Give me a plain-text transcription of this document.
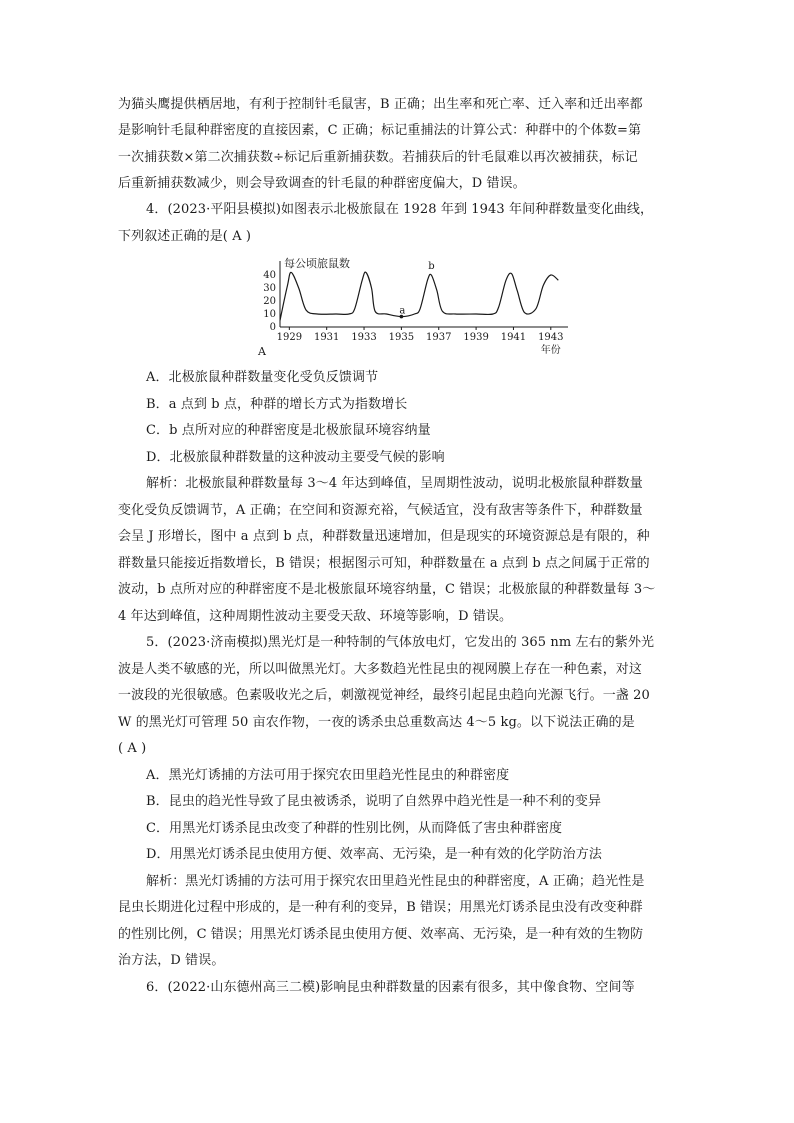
为猫头鹰提供栖居地，有利于控制针毛鼠害，B 正确；出生率和死亡率、迁入率和迁出率都
是影响针毛鼠种群密度的直接因素，C 正确；标记重捕法的计算公式：种群中的个体数=第
一次捕获数×第二次捕获数÷标记后重新捕获数。若捕获后的针毛鼠难以再次被捕获，标记
后重新捕获数减少，则会导致调查的针毛鼠的种群密度偏大，D 错误。
4．(2023·平阳县模拟)如图表示北极旅鼠在 1928 年到 1943 年间种群数量变化曲线，
下列叙述正确的是( A )
每公顷旅鼠数
40
30
20
10
0
1929 1931 1933 1935 1937 1939 1941 1943
年份
A
a
b
A．北极旅鼠种群数量变化受负反馈调节
B．a 点到 b 点，种群的增长方式为指数增长
C．b 点所对应的种群密度是北极旅鼠环境容纳量
D．北极旅鼠种群数量的这种波动主要受气候的影响
解析：北极旅鼠种群数量每 3～4 年达到峰值，呈周期性波动，说明北极旅鼠种群数量
变化受负反馈调节，A 正确；在空间和资源充裕，气候适宜，没有敌害等条件下，种群数量
会呈 J 形增长，图中 a 点到 b 点，种群数量迅速增加，但是现实的环境资源总是有限的，种
群数量只能接近指数增长，B 错误；根据图示可知，种群数量在 a 点到 b 点之间属于正常的
波动，b 点所对应的种群密度不是北极旅鼠环境容纳量，C 错误；北极旅鼠的种群数量每 3～
4 年达到峰值，这种周期性波动主要受天敌、环境等影响，D 错误。
5．(2023·济南模拟)黑光灯是一种特制的气体放电灯，它发出的 365 nm 左右的紫外光
波是人类不敏感的光，所以叫做黑光灯。大多数趋光性昆虫的视网膜上存在一种色素，对这
一波段的光很敏感。色素吸收光之后，刺激视觉神经，最终引起昆虫趋向光源飞行。一盏 20
W 的黑光灯可管理 50 亩农作物，一夜的诱杀虫总重数高达 4～5 kg。以下说法正确的是
( A )
A．黑光灯诱捕的方法可用于探究农田里趋光性昆虫的种群密度
B．昆虫的趋光性导致了昆虫被诱杀，说明了自然界中趋光性是一种不利的变异
C．用黑光灯诱杀昆虫改变了种群的性别比例，从而降低了害虫种群密度
D．用黑光灯诱杀昆虫使用方便、效率高、无污染，是一种有效的化学防治方法
解析：黑光灯诱捕的方法可用于探究农田里趋光性昆虫的种群密度，A 正确；趋光性是
昆虫长期进化过程中形成的，是一种有利的变异，B 错误；用黑光灯诱杀昆虫没有改变种群
的性别比例，C 错误；用黑光灯诱杀昆虫使用方便、效率高、无污染，是一种有效的生物防
治方法，D 错误。
6．(2022·山东德州高三二模)影响昆虫种群数量的因素有很多，其中像食物、空间等
